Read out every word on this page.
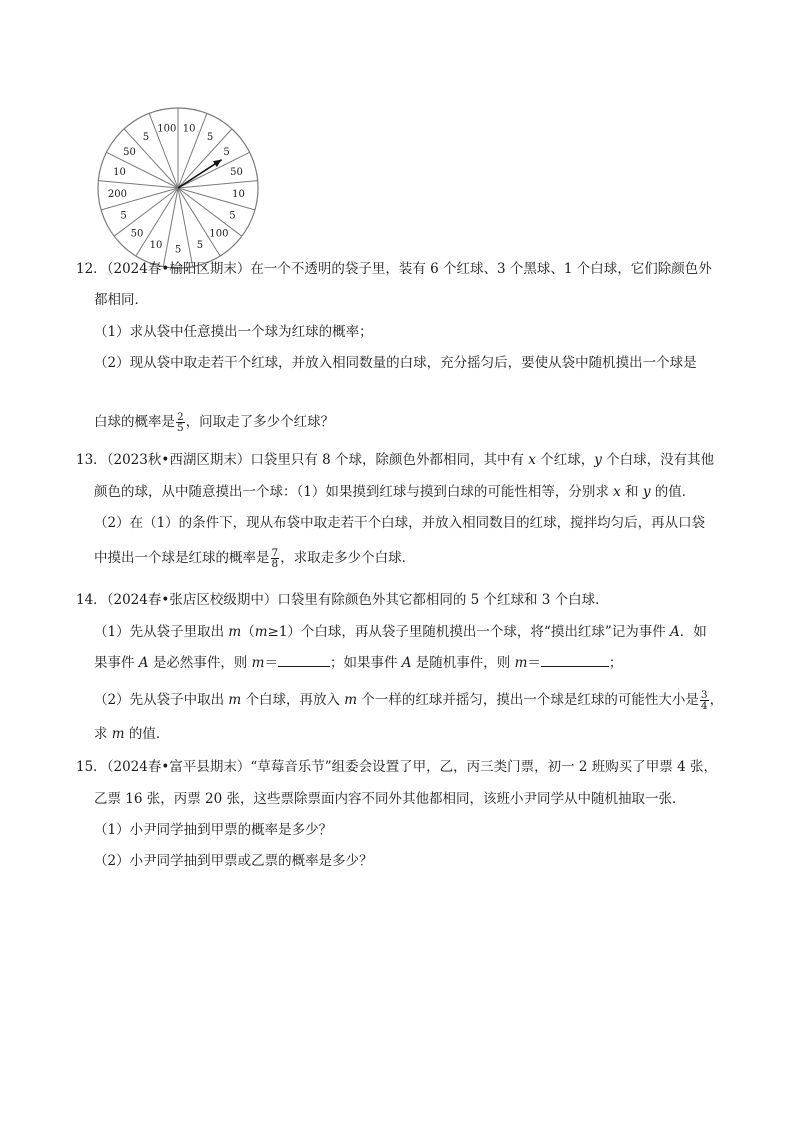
10
5
5
50
10
5
100
5
5
10
50
5
200
10
50
5
100
12．
（2024春•榆阳区期末）在一个不透明的袋子里，装有 6 个红球、3 个黑球、1 个白球，它们除颜色外
都相同．
（1）求从袋中任意摸出一个球为红球的概率；
（2）现从袋中取走若干个红球，并放入相同数量的白球，充分摇匀后，要使从袋中随机摸出一个球是
白球的概率是 $\frac{2}{5}$ ，问取走了多少个红球？
13．
（2023秋•西湖区期末）口袋里只有 8 个球，除颜色外都相同，其中有 x 个红球，y 个白球，没有其他
颜色的球，从中随意摸出一个球：（1）如果摸到红球与摸到白球的可能性相等，分别求 x 和 y 的值．
（2）在（1）的条件下，现从布袋中取走若干个白球，并放入相同数目的红球，搅拌均匀后，再从口袋
中摸出一个球是红球的概率是 $\frac{7}{8}$ ，求取走多少个白球．
14．
（2024春•张店区校级期中）口袋里有除颜色外其它都相同的 5 个红球和 3 个白球．
（1）先从袋子里取出 m（m≥1）个白球，再从袋子里随机摸出一个球，将“摸出红球”记为事件 A．如
果事件 A 是必然事件，则 m＝	；如果事件 A 是随机事件，则 m＝	；
（2）先从袋子中取出 m 个白球，再放入 m 个一样的红球并摇匀，摸出一个球是红球的可能性大小是 $\frac{3}{4}$ ，
求 m 的值．
15．
（2024春•富平县期末）“草莓音乐节”组委会设置了甲，乙，丙三类门票，初一 2 班购买了甲票 4 张，
乙票 16 张，丙票 20 张，这些票除票面内容不同外其他都相同，该班小尹同学从中随机抽取一张．
（1）小尹同学抽到甲票的概率是多少？
（2）小尹同学抽到甲票或乙票的概率是多少？
